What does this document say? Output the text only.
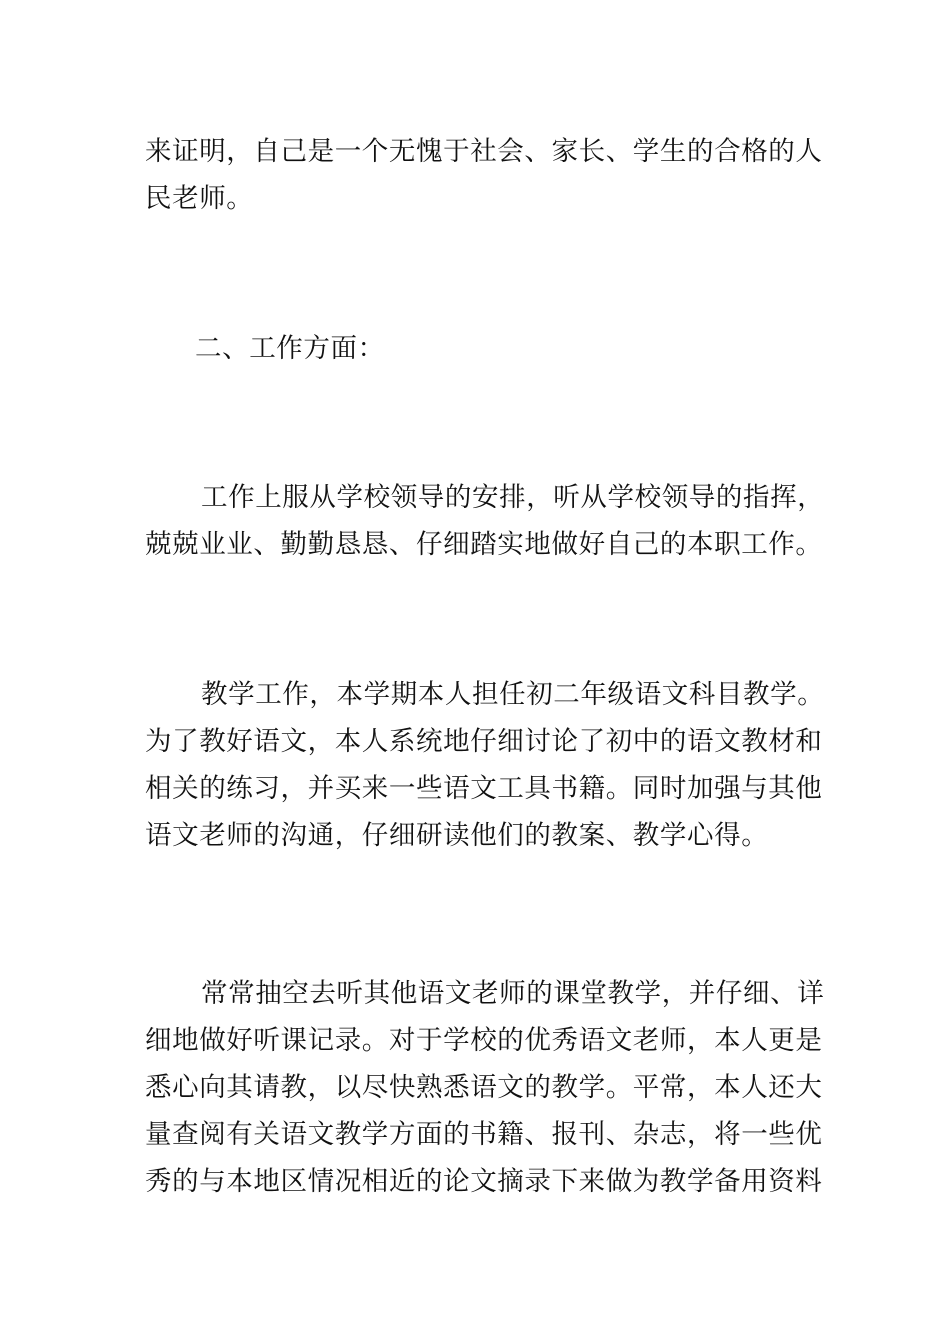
来证明，自己是一个无愧于社会、家长、学生的合格的人
民老师。
二、工作方面：
工作上服从学校领导的安排，听从学校领导的指挥，
兢兢业业、勤勤恳恳、仔细踏实地做好自己的本职工作。
教学工作，本学期本人担任初二年级语文科目教学。
为了教好语文，本人系统地仔细讨论了初中的语文教材和
相关的练习，并买来一些语文工具书籍。同时加强与其他
语文老师的沟通，仔细研读他们的教案、教学心得。
常常抽空去听其他语文老师的课堂教学，并仔细、详
细地做好听课记录。对于学校的优秀语文老师，本人更是
悉心向其请教，以尽快熟悉语文的教学。平常，本人还大
量查阅有关语文教学方面的书籍、报刊、杂志，将一些优
秀的与本地区情况相近的论文摘录下来做为教学备用资料
